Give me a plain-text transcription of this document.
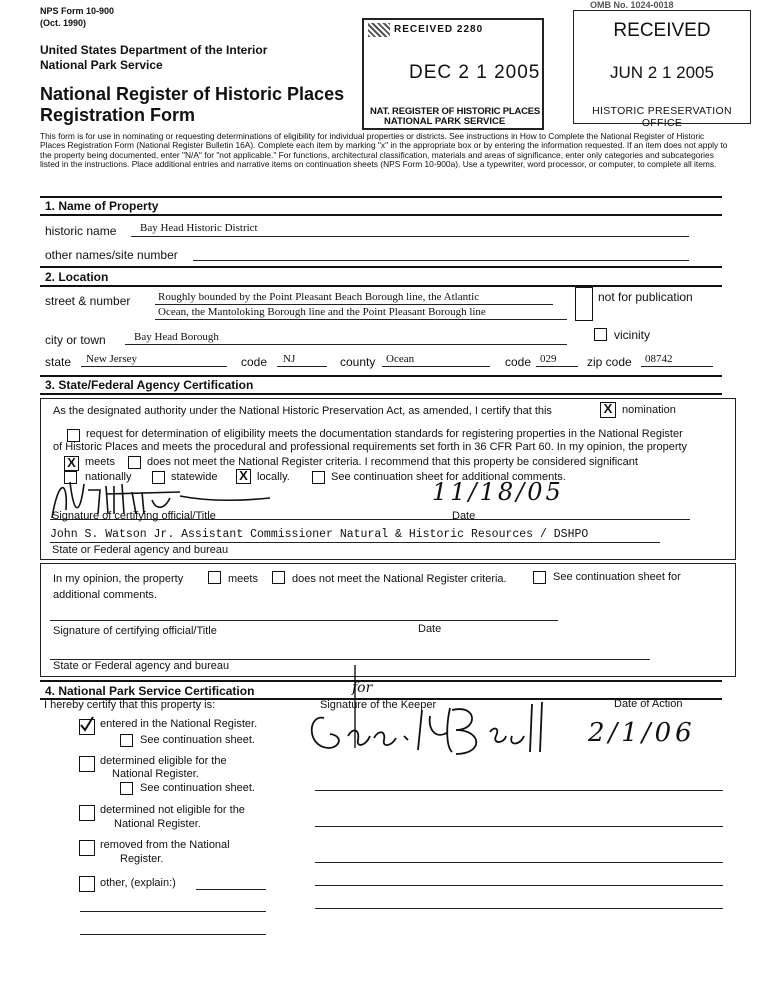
NPS Form 10-900
(Oct. 1990)
OMB No. 1024-0018
United States Department of the Interior
National Park Service
National Register of Historic Places
Registration Form
This form is for use in nominating or requesting determinations of eligibility for individual properties or districts. See instructions in How to Complete the National Register of Historic Places Registration Form (National Register Bulletin 16A). Complete each item by marking "x" in the appropriate box or by entering the information requested. If an item does not apply to the property being documented, enter "N/A" for "not applicable." For functions, architectural classification, materials and areas of significance, enter only categories and subcategories listed in the instructions. Place additional entries and narrative items on continuation sheets (NPS Form 10-900a). Use a typewriter, word processor, or computer, to complete all items.
RECEIVED 2280
DEC 2 1 2005
NAT. REGISTER OF HISTORIC PLACES
NATIONAL PARK SERVICE
RECEIVED
JUN 2 1 2005
HISTORIC PRESERVATION OFFICE
1. Name of Property
historic name Bay Head Historic District
other names/site number
2. Location
street & number	Roughly bounded by the Point Pleasant Beach Borough line, the Atlantic
Ocean, the Mantoloking Borough line and the Point Pleasant Borough line
not for publication
city or town	Bay Head Borough	vicinity
state New Jersey	code NJ	county Ocean	code 029	zip code 08742
3. State/Federal Agency Certification
As the designated authority under the National Historic Preservation Act, as amended, I certify that this	X nomination
request for determination of eligibility meets the documentation standards for registering properties in the National Register
of Historic Places and meets the procedural and professional requirements set forth in 36 CFR Part 60. In my opinion, the property
X meets	does not meet the National Register criteria. I recommend that this property be considered significant
nationally	statewide X locally.	See continuation sheet for additional comments.
11/18/05
Signature of certifying official/Title	Date
John S. Watson Jr. Assistant Commissioner Natural & Historic Resources / DSHPO
State or Federal agency and bureau
In my opinion, the property	meets	does not meet the National Register criteria.	See continuation sheet for
additional comments.
Signature of certifying official/Title	Date
State or Federal agency and bureau
4. National Park Service Certification
I hereby certify that this property is:
entered in the National Register.
See continuation sheet.
determined eligible for the
National Register.
See continuation sheet.
determined not eligible for the
National Register.
removed from the National
Register.
other, (explain:)
for
Signature of the Keeper	Date of Action
2/1/06
